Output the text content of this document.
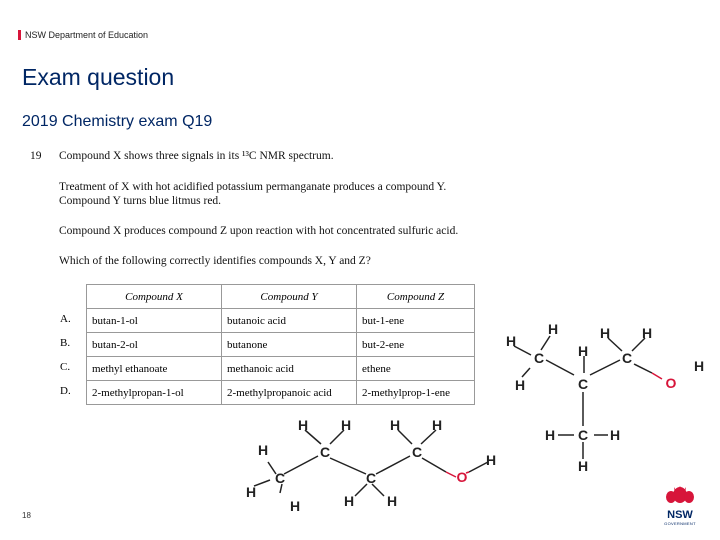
NSW Department of Education
Exam question
2019 Chemistry exam Q19
19 Compound X shows three signals in its ¹³C NMR spectrum.
Treatment of X with hot acidified potassium permanganate produces a compound Y.
Compound Y turns blue litmus red.
Compound X produces compound Z upon reaction with hot concentrated sulfuric acid.
Which of the following correctly identifies compounds X, Y and Z?
A.
B.
C.
D.
Compound X	Compound Y	Compound Z
butan-1-ol	butanoic acid	but-1-ene
butan-2-ol	butanone	but-2-ene
methyl ethanoate	methanoic acid	ethene
2-methylpropan-1-ol	2-methylpropanoic acid	2-methylprop-1-ene
H H	H H
H	C	C	H
C	C
H
H H
H
O
H	H H
H
H
C	C	H
C
H
H C H
H
O
18	NSW
GOVERNMENT
